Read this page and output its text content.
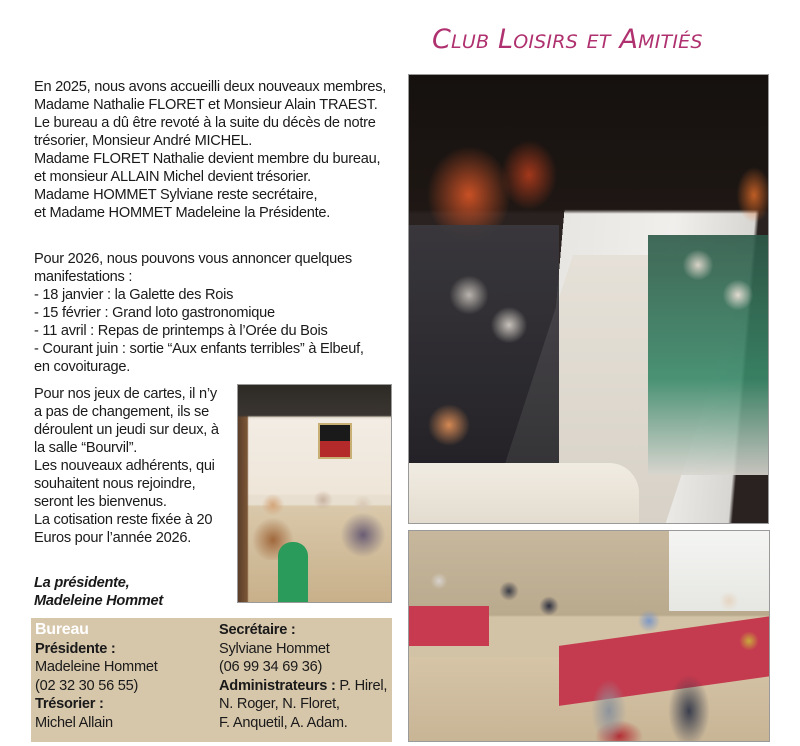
Club Loisirs et Amitiés
En 2025, nous avons accueilli deux nouveaux membres,
Madame Nathalie FLORET et Monsieur Alain TRAEST.
Le bureau a dû être revoté à la suite du décès de notre
trésorier, Monsieur André MICHEL.
Madame FLORET Nathalie devient membre du bureau,
et monsieur ALLAIN Michel devient trésorier.
Madame HOMMET Sylviane reste secrétaire,
et Madame HOMMET Madeleine la Présidente.
Pour 2026, nous pouvons vous annoncer quelques
manifestations :
- 18 janvier : la Galette des Rois
- 15 février : Grand loto gastronomique
- 11 avril : Repas de printemps à l’Orée du Bois
- Courant juin : sortie “Aux enfants terribles” à Elbeuf,
en covoiturage.
Pour nos jeux de cartes, il n’y
a pas de changement, ils se
déroulent un jeudi sur deux, à
la salle “Bourvil”.
Les nouveaux adhérents, qui
souhaitent nous rejoindre,
seront les bienvenus.
La cotisation reste fixée à 20
Euros pour l’année 2026.
La présidente,
Madeleine Hommet
Bureau
Présidente :
Madeleine Hommet
(02 32 30 56 55)
Trésorier :
Michel Allain
Secrétaire :
Sylviane Hommet
(06 99 34 69 36)
Administrateurs : P. Hirel,
N. Roger, N. Floret,
F. Anquetil, A. Adam.
